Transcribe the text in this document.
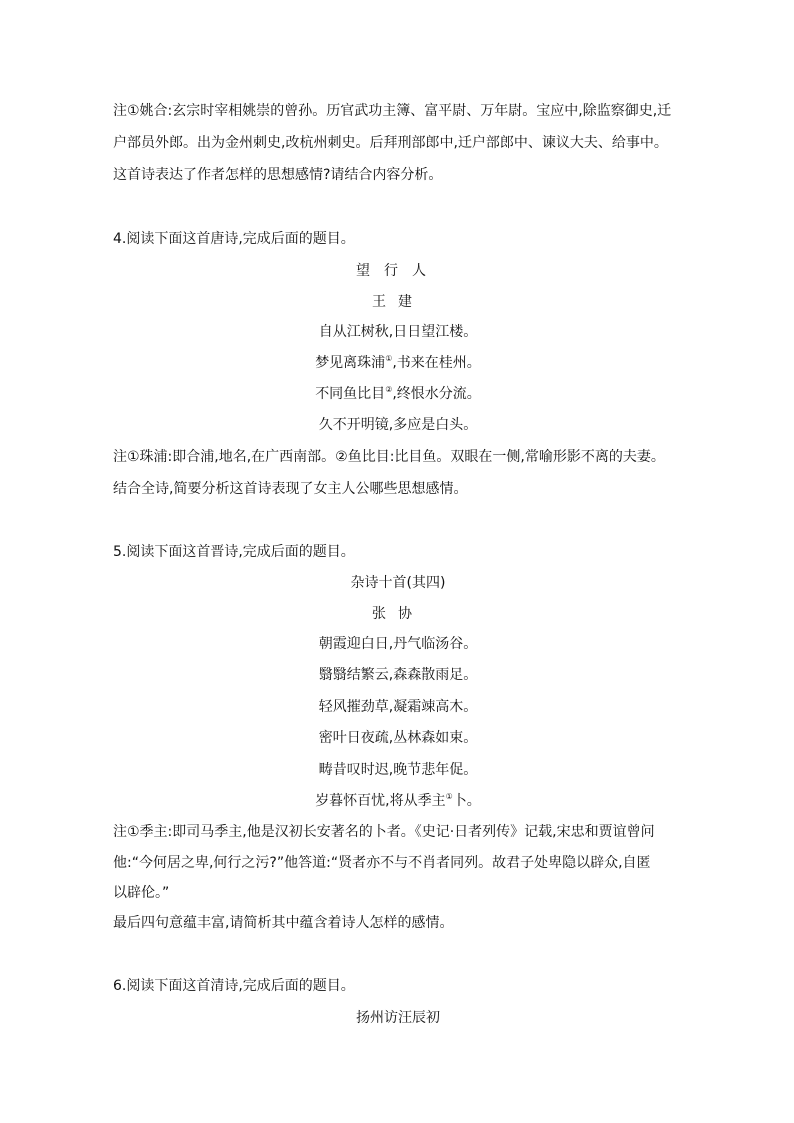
注①姚合:玄宗时宰相姚崇的曾孙。历官武功主簿、富平尉、万年尉。宝应中,除监察御史,迁
户部员外郎。出为金州刺史,改杭州刺史。后拜刑部郎中,迁户部郎中、谏议大夫、给事中。
这首诗表达了作者怎样的思想感情?请结合内容分析。
4.阅读下面这首唐诗,完成后面的题目。
望行人
王建
自从江树秋,日日望江楼。
梦见离珠浦①,书来在桂州。
不同鱼比目②,终恨水分流。
久不开明镜,多应是白头。
注①珠浦:即合浦,地名,在广西南部。②鱼比目:比目鱼。双眼在一侧,常喻形影不离的夫妻。
结合全诗,简要分析这首诗表现了女主人公哪些思想感情。
5.阅读下面这首晋诗,完成后面的题目。
杂诗十首(其四)
张协
朝霞迎白日,丹气临汤谷。
翳翳结繁云,森森散雨足。
轻风摧劲草,凝霜竦高木。
密叶日夜疏,丛林森如束。
畴昔叹时迟,晚节悲年促。
岁暮怀百忧,将从季主①卜。
注①季主:即司马季主,他是汉初长安著名的卜者。《史记·日者列传》记载,宋忠和贾谊曾问
他:“今何居之卑,何行之污?”他答道:“贤者亦不与不肖者同列。故君子处卑隐以辟众,自匿
以辟伦。”
最后四句意蕴丰富,请简析其中蕴含着诗人怎样的感情。
6.阅读下面这首清诗,完成后面的题目。
扬州访汪辰初
